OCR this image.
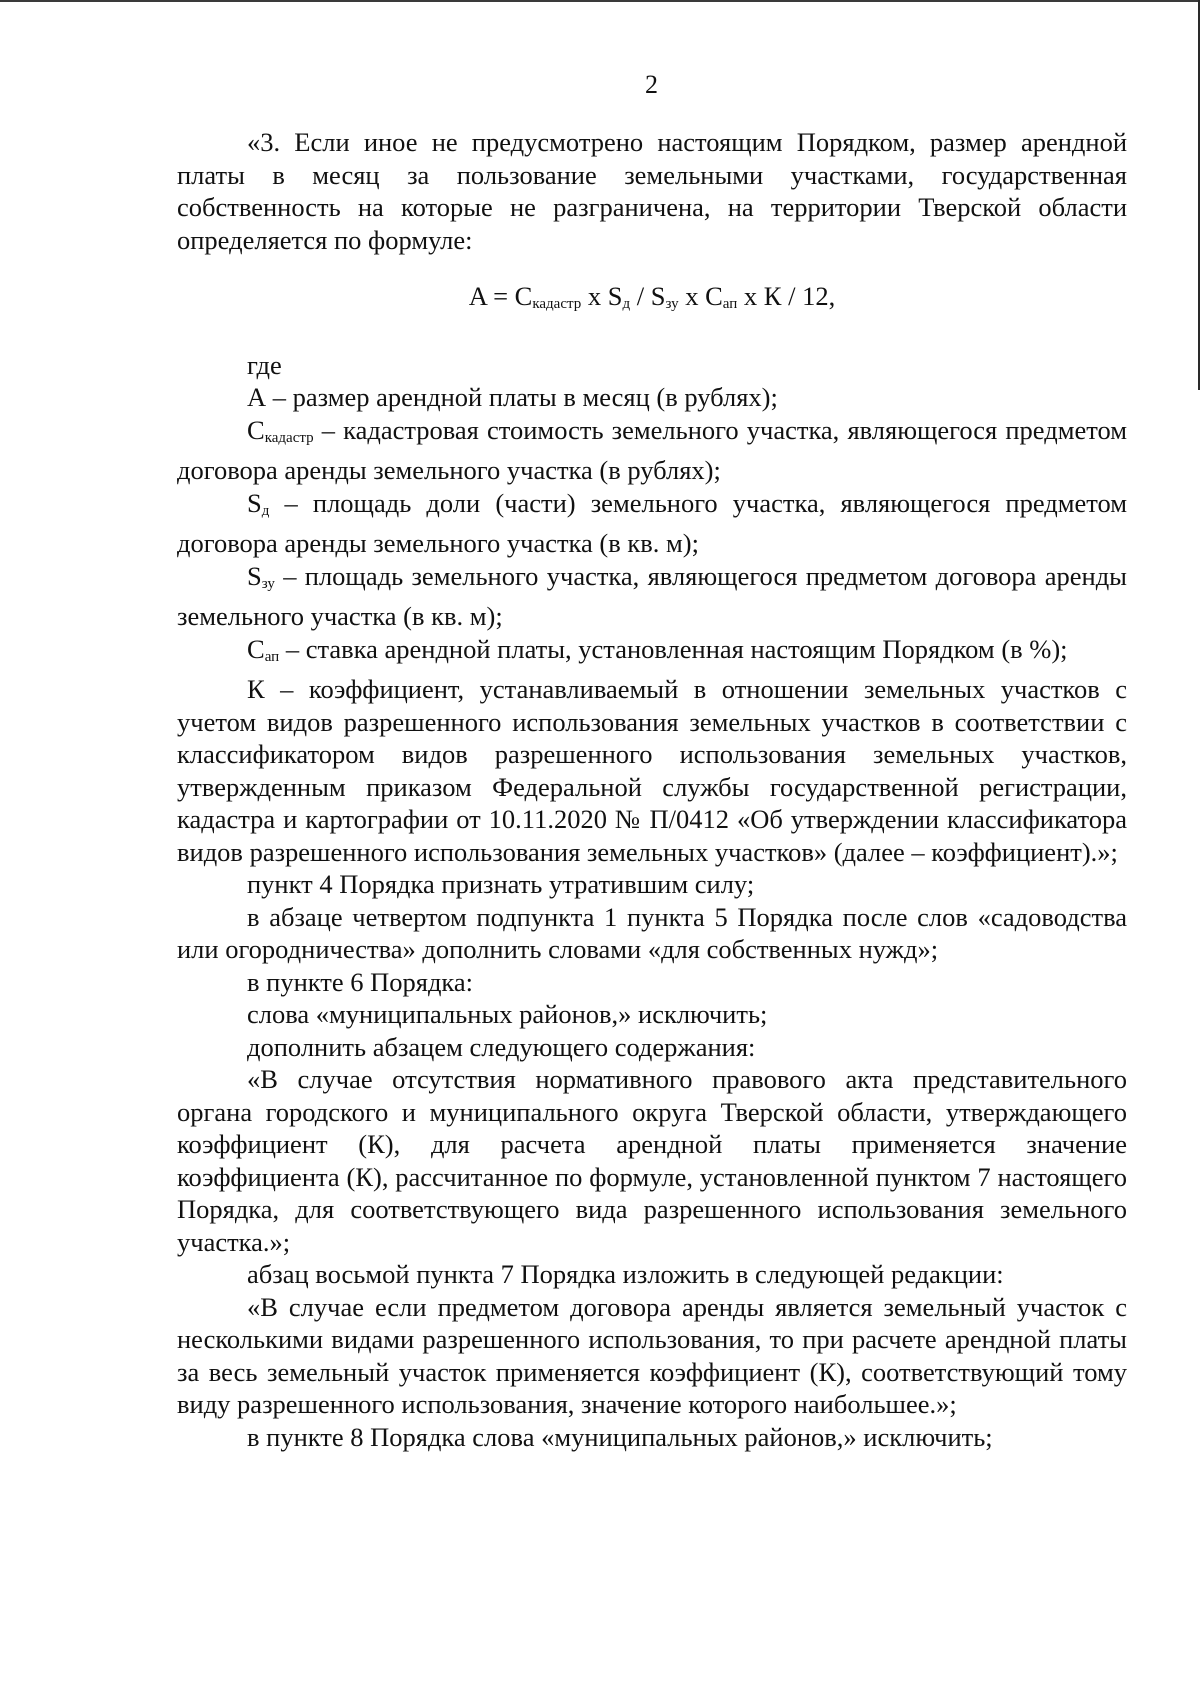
2

«3. Если иное не предусмотрено настоящим Порядком, размер арендной платы в месяц за пользование земельными участками, государственная собственность на которые не разграничена, на территории Тверской области определяется по формуле:

$A = C_{кадастр}$ x $S_д / S_{зу}$ x $C_{ап}$ x К / 12,

где

А – размер арендной платы в месяц (в рублях);

$С_{кадастр}$ – кадастровая стоимость земельного участка, являющегося предметом договора аренды земельного участка (в рублях);

$S_д$ – площадь доли (части) земельного участка, являющегося предметом договора аренды земельного участка (в кв. м);

$S_{зу}$ – площадь земельного участка, являющегося предметом договора аренды земельного участка (в кв. м);

$С_{ап}$ – ставка арендной платы, установленная настоящим Порядком (в %);

К – коэффициент, устанавливаемый в отношении земельных участков с учетом видов разрешенного использования земельных участков в соответствии с классификатором видов разрешенного использования земельных участков, утвержденным приказом Федеральной службы государственной регистрации, кадастра и картографии от 10.11.2020 № П/0412 «Об утверждении классификатора видов разрешенного использования земельных участков» (далее – коэффициент).»;

пункт 4 Порядка признать утратившим силу;

в абзаце четвертом подпункта 1 пункта 5 Порядка после слов «садоводства или огородничества» дополнить словами «для собственных нужд»;

в пункте 6 Порядка:

слова «муниципальных районов,» исключить;

дополнить абзацем следующего содержания:

«В случае отсутствия нормативного правового акта представительного органа городского и муниципального округа Тверской области, утверждающего коэффициент (К), для расчета арендной платы применяется значение коэффициента (К), рассчитанное по формуле, установленной пунктом 7 настоящего Порядка, для соответствующего вида разрешенного использования земельного участка.»;

абзац восьмой пункта 7 Порядка изложить в следующей редакции:

«В случае если предметом договора аренды является земельный участок с несколькими видами разрешенного использования, то при расчете арендной платы за весь земельный участок применяется коэффициент (К), соответствующий тому виду разрешенного использования, значение которого наибольшее.»;

в пункте 8 Порядка слова «муниципальных районов,» исключить;
